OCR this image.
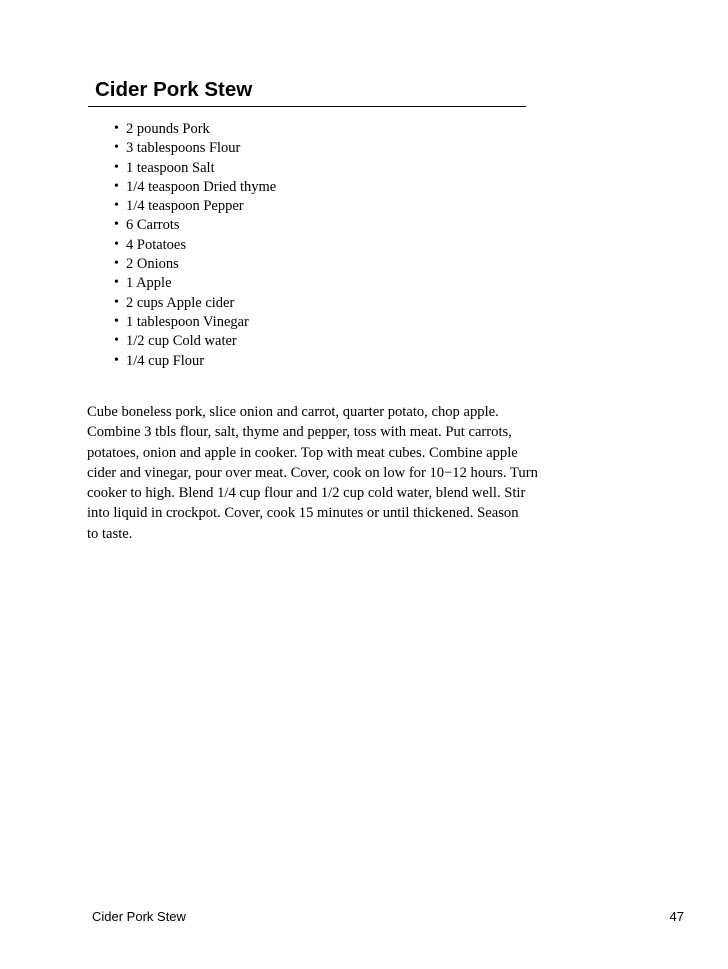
Cider Pork Stew
• 2 pounds Pork
• 3 tablespoons Flour
• 1 teaspoon Salt
• 1/4 teaspoon Dried thyme
• 1/4 teaspoon Pepper
• 6 Carrots
• 4 Potatoes
• 2 Onions
• 1 Apple
• 2 cups Apple cider
• 1 tablespoon Vinegar
• 1/2 cup Cold water
• 1/4 cup Flour

Cube boneless pork, slice onion and carrot, quarter potato, chop apple.
Combine 3 tbls flour, salt, thyme and pepper, toss with meat. Put carrots,
potatoes, onion and apple in cooker. Top with meat cubes. Combine apple
cider and vinegar, pour over meat. Cover, cook on low for 10−12 hours. Turn
cooker to high. Blend 1/4 cup flour and 1/2 cup cold water, blend well. Stir
into liquid in crockpot. Cover, cook 15 minutes or until thickened. Season
to taste.

Cider Pork Stew	47
